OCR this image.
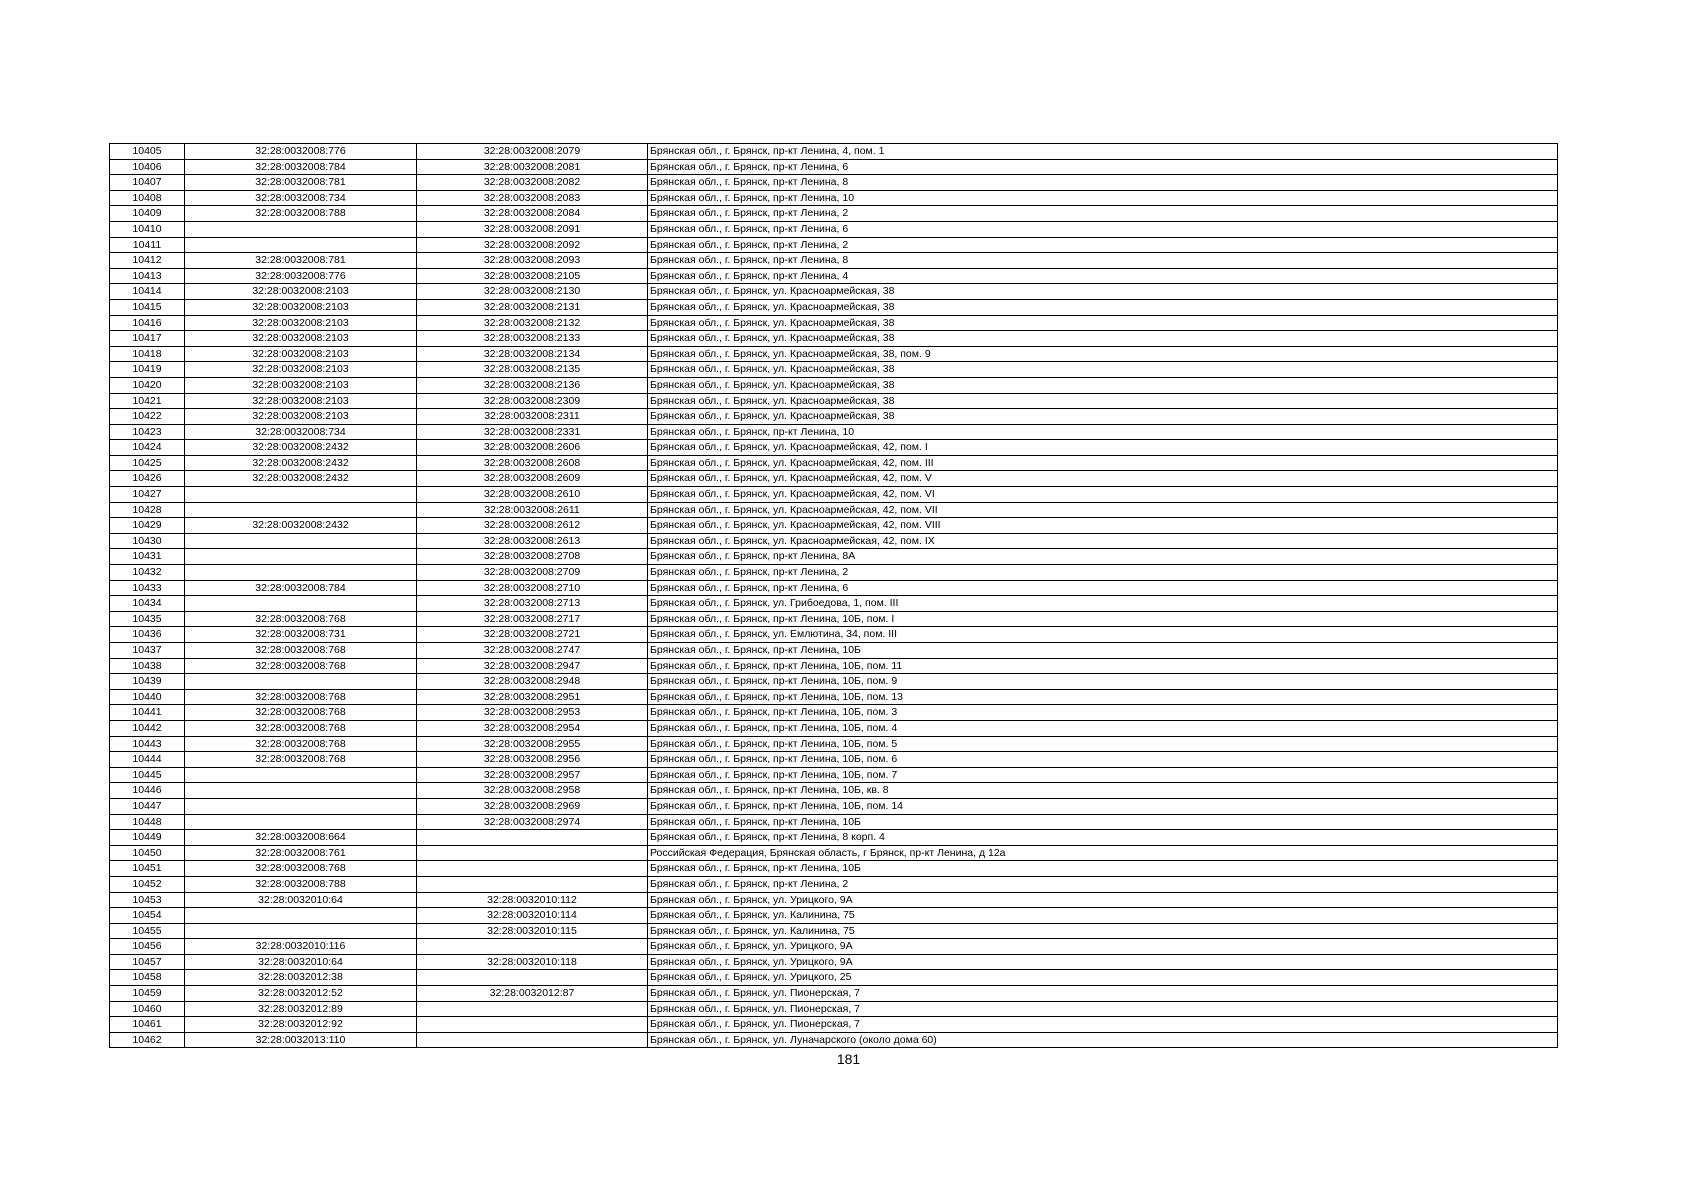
10405	32:28:0032008:776	32:28:0032008:2079	Брянская обл., г. Брянск, пр-кт Ленина, 4, пом. 1
10406	32:28:0032008:784	32:28:0032008:2081	Брянская обл., г. Брянск, пр-кт Ленина, 6
10407	32:28:0032008:781	32:28:0032008:2082	Брянская обл., г. Брянск, пр-кт Ленина, 8
10408	32:28:0032008:734	32:28:0032008:2083	Брянская обл., г. Брянск, пр-кт Ленина, 10
10409	32:28:0032008:788	32:28:0032008:2084	Брянская обл., г. Брянск, пр-кт Ленина, 2
10410		32:28:0032008:2091	Брянская обл., г. Брянск, пр-кт Ленина, 6
10411		32:28:0032008:2092	Брянская обл., г. Брянск, пр-кт Ленина, 2
10412	32:28:0032008:781	32:28:0032008:2093	Брянская обл., г. Брянск, пр-кт Ленина, 8
10413	32:28:0032008:776	32:28:0032008:2105	Брянская обл., г. Брянск, пр-кт Ленина, 4
10414	32:28:0032008:2103	32:28:0032008:2130	Брянская обл., г. Брянск, ул. Красноармейская, 38
10415	32:28:0032008:2103	32:28:0032008:2131	Брянская обл., г. Брянск, ул. Красноармейская, 38
10416	32:28:0032008:2103	32:28:0032008:2132	Брянская обл., г. Брянск, ул. Красноармейская, 38
10417	32:28:0032008:2103	32:28:0032008:2133	Брянская обл., г. Брянск, ул. Красноармейская, 38
10418	32:28:0032008:2103	32:28:0032008:2134	Брянская обл., г. Брянск, ул. Красноармейская, 38, пом. 9
10419	32:28:0032008:2103	32:28:0032008:2135	Брянская обл., г. Брянск, ул. Красноармейская, 38
10420	32:28:0032008:2103	32:28:0032008:2136	Брянская обл., г. Брянск, ул. Красноармейская, 38
10421	32:28:0032008:2103	32:28:0032008:2309	Брянская обл., г. Брянск, ул. Красноармейская, 38
10422	32:28:0032008:2103	32:28:0032008:2311	Брянская обл., г. Брянск, ул. Красноармейская, 38
10423	32:28:0032008:734	32:28:0032008:2331	Брянская обл., г. Брянск, пр-кт Ленина, 10
10424	32:28:0032008:2432	32:28:0032008:2606	Брянская обл., г. Брянск, ул. Красноармейская, 42, пом. I
10425	32:28:0032008:2432	32:28:0032008:2608	Брянская обл., г. Брянск, ул. Красноармейская, 42, пом. III
10426	32:28:0032008:2432	32:28:0032008:2609	Брянская обл., г. Брянск, ул. Красноармейская, 42, пом. V
10427		32:28:0032008:2610	Брянская обл., г. Брянск, ул. Красноармейская, 42, пом. VI
10428		32:28:0032008:2611	Брянская обл., г. Брянск, ул. Красноармейская, 42, пом. VII
10429	32:28:0032008:2432	32:28:0032008:2612	Брянская обл., г. Брянск, ул. Красноармейская, 42, пом. VIII
10430		32:28:0032008:2613	Брянская обл., г. Брянск, ул. Красноармейская, 42, пом. IX
10431		32:28:0032008:2708	Брянская обл., г. Брянск, пр-кт Ленина, 8А
10432		32:28:0032008:2709	Брянская обл., г. Брянск, пр-кт Ленина, 2
10433	32:28:0032008:784	32:28:0032008:2710	Брянская обл., г. Брянск, пр-кт Ленина, 6
10434		32:28:0032008:2713	Брянская обл., г. Брянск, ул. Грибоедова, 1, пом. III
10435	32:28:0032008:768	32:28:0032008:2717	Брянская обл., г. Брянск, пр-кт Ленина, 10Б, пом. I
10436	32:28:0032008:731	32:28:0032008:2721	Брянская обл., г. Брянск, ул. Емлютина, 34, пом. III
10437	32:28:0032008:768	32:28:0032008:2747	Брянская обл., г. Брянск, пр-кт Ленина, 10Б
10438	32:28:0032008:768	32:28:0032008:2947	Брянская обл., г. Брянск, пр-кт Ленина, 10Б, пом. 11
10439		32:28:0032008:2948	Брянская обл., г. Брянск, пр-кт Ленина, 10Б, пом. 9
10440	32:28:0032008:768	32:28:0032008:2951	Брянская обл., г. Брянск, пр-кт Ленина, 10Б, пом. 13
10441	32:28:0032008:768	32:28:0032008:2953	Брянская обл., г. Брянск, пр-кт Ленина, 10Б, пом. 3
10442	32:28:0032008:768	32:28:0032008:2954	Брянская обл., г. Брянск, пр-кт Ленина, 10Б, пом. 4
10443	32:28:0032008:768	32:28:0032008:2955	Брянская обл., г. Брянск, пр-кт Ленина, 10Б, пом. 5
10444	32:28:0032008:768	32:28:0032008:2956	Брянская обл., г. Брянск, пр-кт Ленина, 10Б, пом. 6
10445		32:28:0032008:2957	Брянская обл., г. Брянск, пр-кт Ленина, 10Б, пом. 7
10446		32:28:0032008:2958	Брянская обл., г. Брянск, пр-кт Ленина, 10Б, кв. 8
10447		32:28:0032008:2969	Брянская обл., г. Брянск, пр-кт Ленина, 10Б, пом. 14
10448		32:28:0032008:2974	Брянская обл., г. Брянск, пр-кт Ленина, 10Б
10449	32:28:0032008:664		Брянская обл., г. Брянск, пр-кт Ленина, 8 корп. 4
10450	32:28:0032008:761		Российская Федерация, Брянская область, г Брянск, пр-кт Ленина, д 12а
10451	32:28:0032008:768		Брянская обл., г. Брянск, пр-кт Ленина, 10Б
10452	32:28:0032008:788		Брянская обл., г. Брянск, пр-кт Ленина, 2
10453	32:28:0032010:64	32:28:0032010:112	Брянская обл., г. Брянск, ул. Урицкого, 9А
10454		32:28:0032010:114	Брянская обл., г. Брянск, ул. Калинина, 75
10455		32:28:0032010:115	Брянская обл., г. Брянск, ул. Калинина, 75
10456	32:28:0032010:116		Брянская обл., г. Брянск, ул. Урицкого, 9А
10457	32:28:0032010:64	32:28:0032010:118	Брянская обл., г. Брянск, ул. Урицкого, 9А
10458	32:28:0032012:38		Брянская обл., г. Брянск, ул. Урицкого, 25
10459	32:28:0032012:52	32:28:0032012:87	Брянская обл., г. Брянск, ул. Пионерская, 7
10460	32:28:0032012:89		Брянская обл., г. Брянск, ул. Пионерская, 7
10461	32:28:0032012:92		Брянская обл., г. Брянск, ул. Пионерская, 7
10462	32:28:0032013:110		Брянская обл., г. Брянск, ул. Луначарского (около дома 60)
181
